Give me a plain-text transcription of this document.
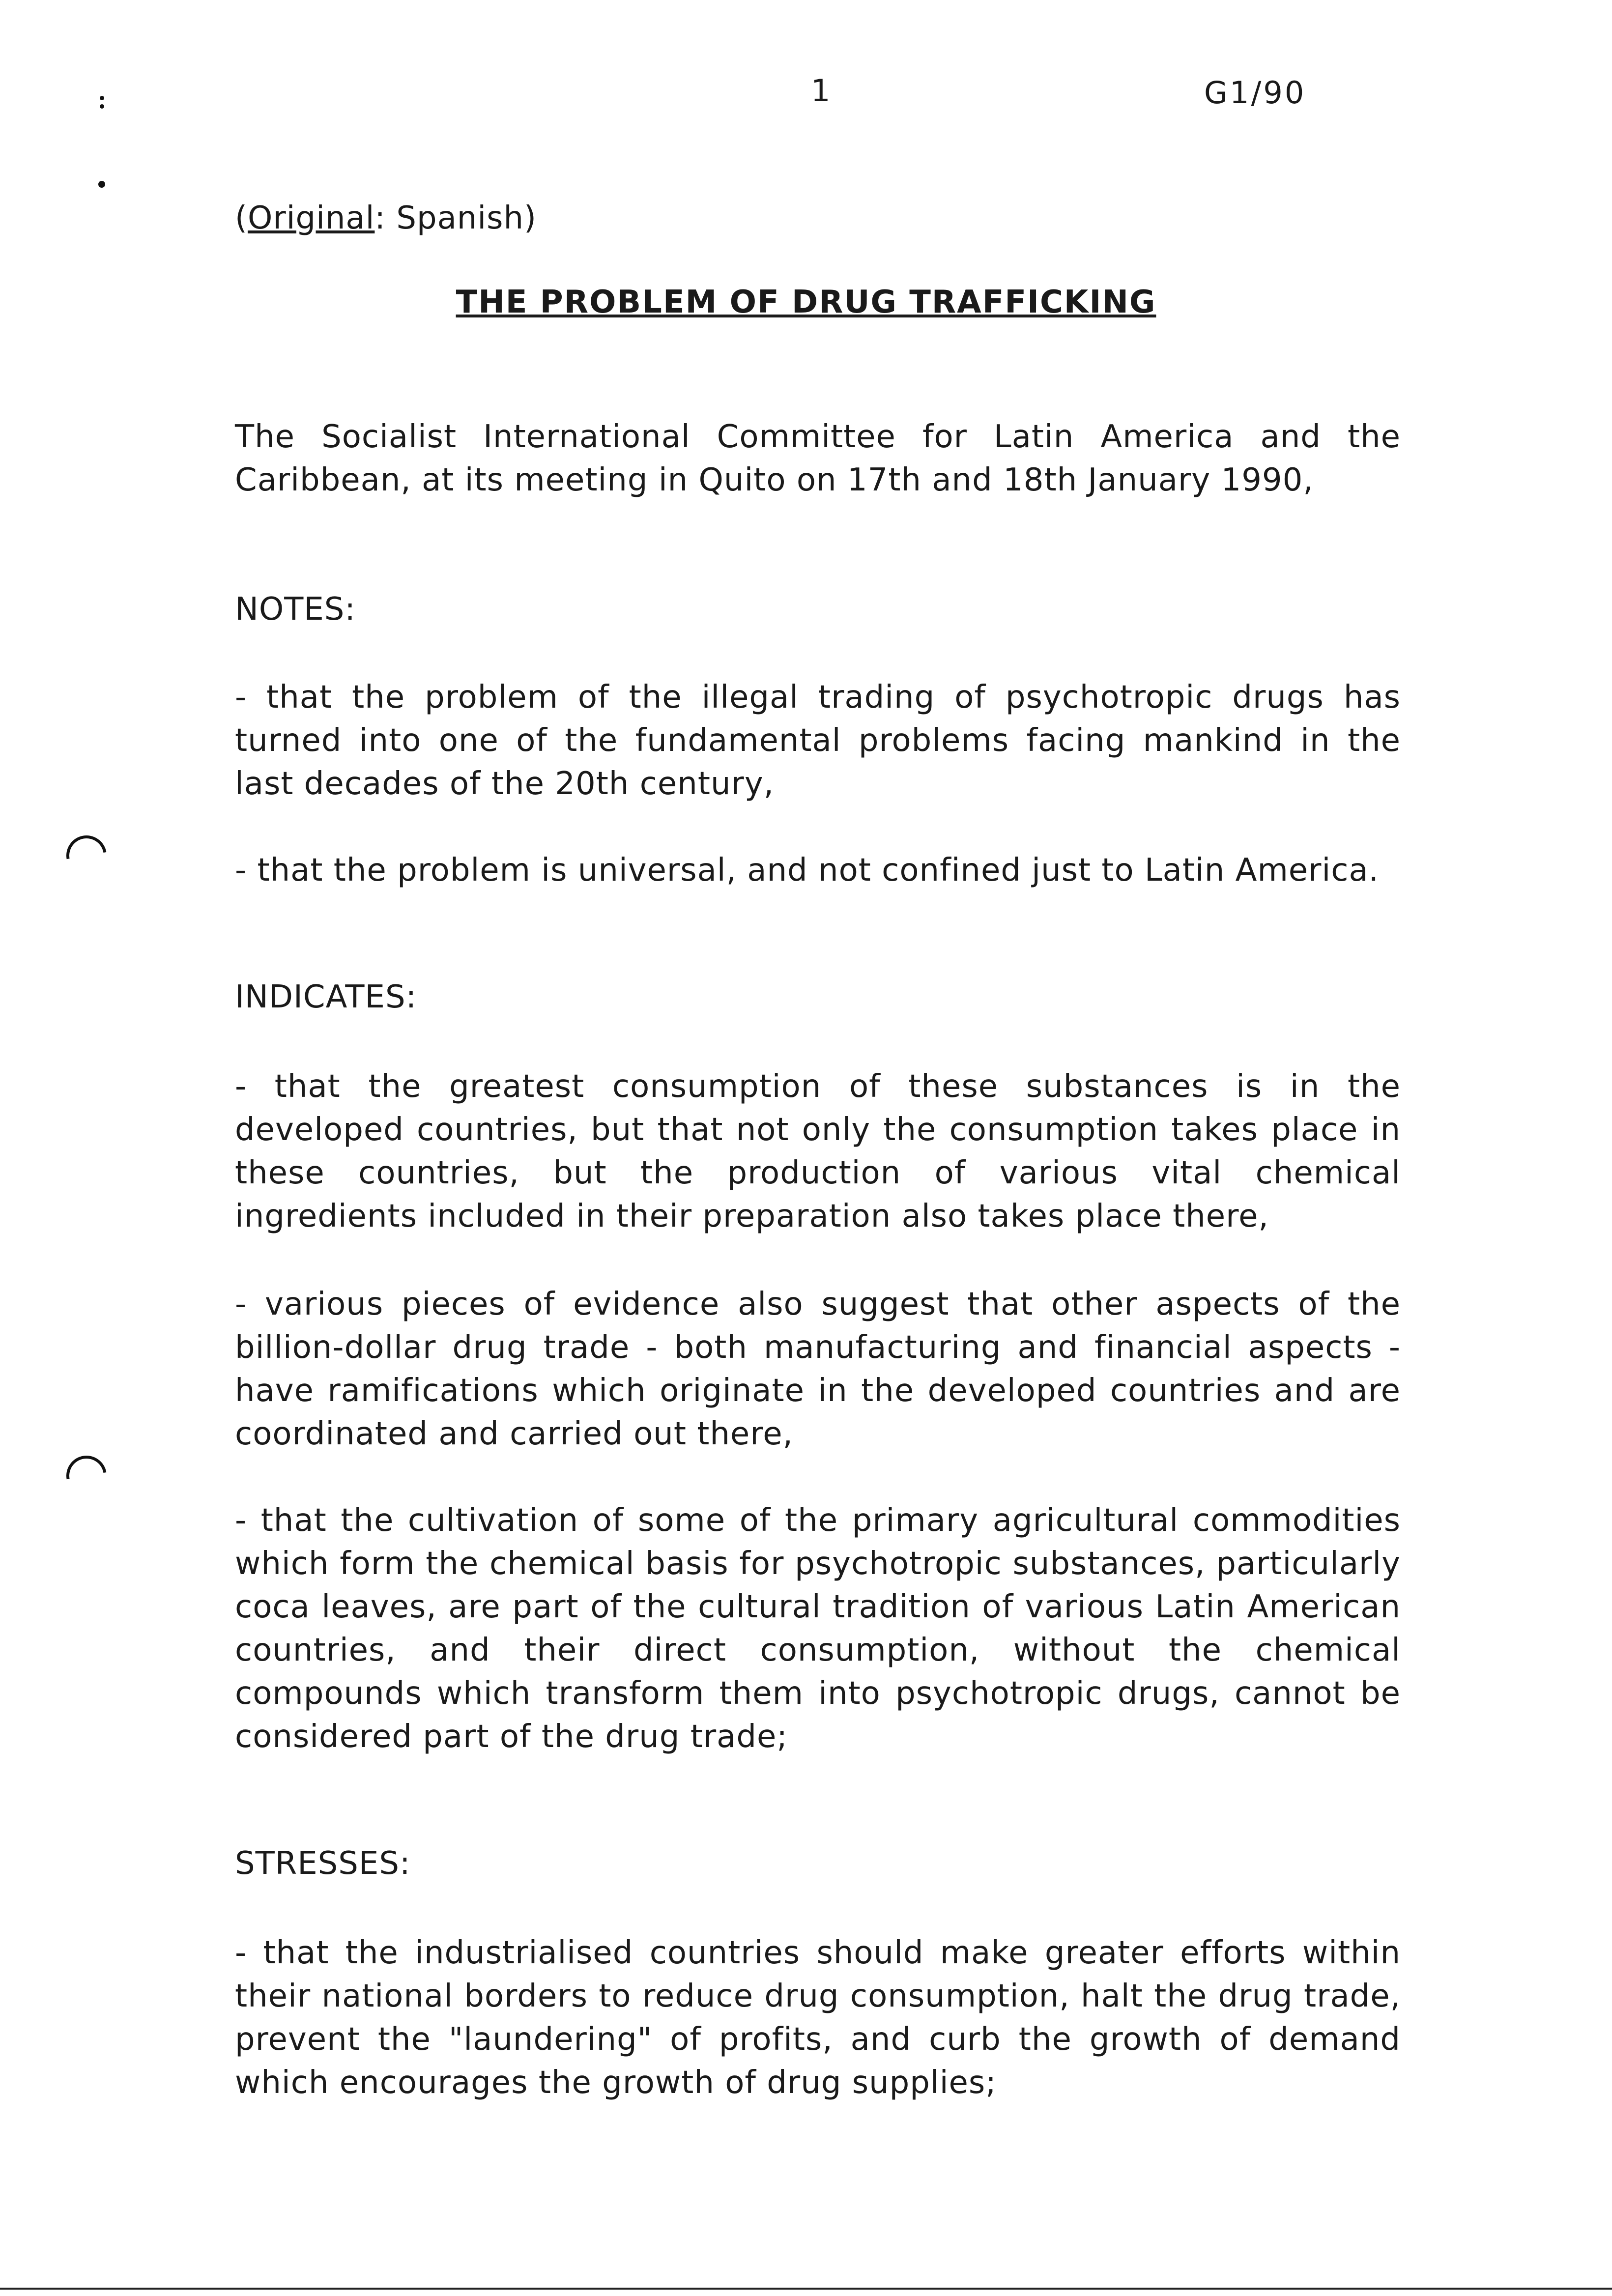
1	G1/90
(Original: Spanish)
THE PROBLEM OF DRUG TRAFFICKING
The Socialist International Committee for Latin America and the Caribbean, at its meeting in Quito on 17th and 18th January 1990,
NOTES:
- that the problem of the illegal trading of psychotropic drugs has turned into one of the fundamental problems facing mankind in the last decades of the 20th century,
- that the problem is universal, and not confined just to Latin America.
INDICATES:
- that the greatest consumption of these substances is in the developed countries, but that not only the consumption takes place in these countries, but the production of various vital chemical ingredients included in their preparation also takes place there,
- various pieces of evidence also suggest that other aspects of the billion-dollar drug trade - both manufacturing and financial aspects - have ramifications which originate in the developed countries and are coordinated and carried out there,
- that the cultivation of some of the primary agricultural commodities which form the chemical basis for psychotropic substances, particularly coca leaves, are part of the cultural tradition of various Latin American countries, and their direct consumption, without the chemical compounds which transform them into psychotropic drugs, cannot be considered part of the drug trade;
STRESSES:
- that the industrialised countries should make greater efforts within their national borders to reduce drug consumption, halt the drug trade, prevent the "laundering" of profits, and curb the growth of demand which encourages the growth of drug supplies;
